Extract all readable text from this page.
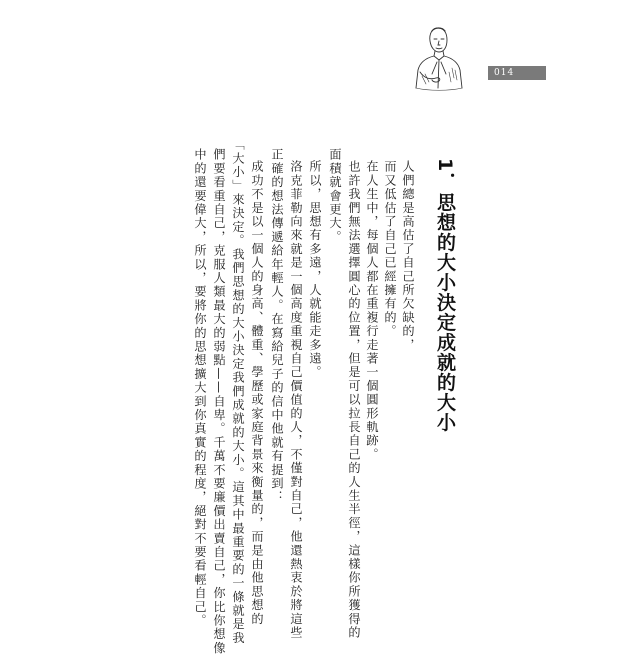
014
1．思想的大小決定成就的大小
人們總是高估了自己所欠缺的，
而又低估了自己已經擁有的。
在人生中，每個人都在重複行走著一個圓形軌跡。
也許我們無法選擇圓心的位置，但是可以拉長自己的人生半徑，這樣你所獲得的
面積就會更大。
所以，思想有多遠，人就能走多遠。
洛克菲勒向來就是一個高度重視自己價值的人，不僅對自己，他還熱衷於將這些
正確的想法傳遞給年輕人。在寫給兒子的信中他就有提到：
成功不是以一個人的身高、體重、學歷或家庭背景來衡量的，而是由他思想的
「大小」來決定。我們思想的大小決定我們成就的大小。這其中最重要的一條就是我
們要看重自己，克服人類最大的弱點——自卑。千萬不要廉價出賣自己，你比你想像
中的還要偉大，所以，要將你的思想擴大到你真實的程度，絕對不要看輕自己。
